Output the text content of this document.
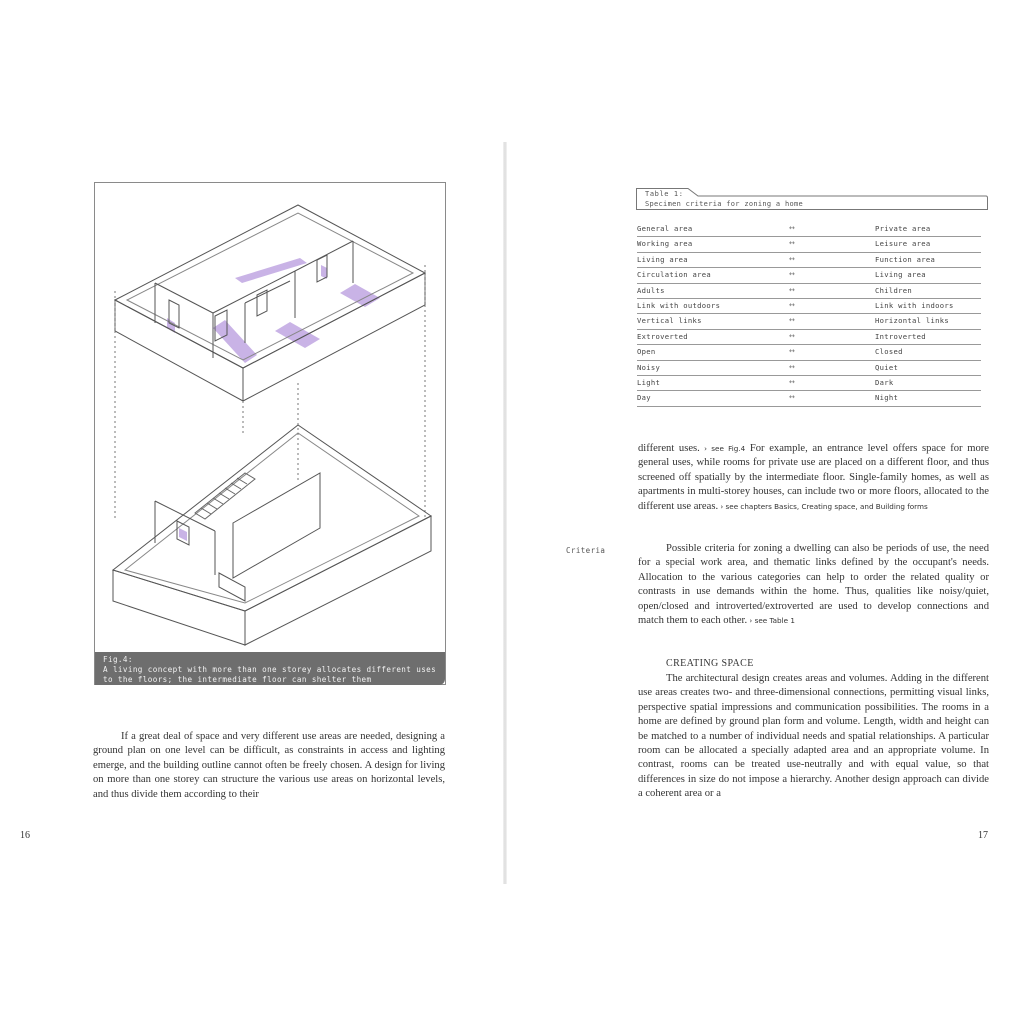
Fig.4:
A living concept with more than one storey allocates different uses
to the floors; the intermediate floor can shelter them

If a great deal of space and very different use areas are needed, designing a ground plan on one level can be difficult, as constraints in access and lighting emerge, and the building outline cannot often be freely chosen. A design for living on more than one storey can structure the various use areas on horizontal levels, and thus divide them according to their

16
Table 1:
Specimen criteria for zoning a home
General area	↔	Private area
Working area	↔	Leisure area
Living area	↔	Function area
Circulation area	↔	Living area
Adults	↔	Children
Link with outdoors	↔	Link with indoors
Vertical links	↔	Horizontal links
Extroverted	↔	Introverted
Open	↔	Closed
Noisy	↔	Quiet
Light	↔	Dark
Day	↔	Night

different uses. › see Fig.4 For example, an entrance level offers space for more general uses, while rooms for private use are placed on a different floor, and thus screened off spatially by the intermediate floor. Single-family homes, as well as apartments in multi-storey houses, can include two or more floors, allocated to the different use areas. › see chapters Basics, Creating space, and Building forms

Criteria	Possible criteria for zoning a dwelling can also be periods of use, the need for a special work area, and thematic links defined by the occupant's needs. Allocation to the various categories can help to order the related quality or contrasts in use demands within the home. Thus, qualities like noisy/quiet, open/closed and introverted/extroverted are used to develop connections and match them to each other. › see Table 1

CREATING SPACE

The architectural design creates areas and volumes. Adding in the different use areas creates two- and three-dimensional connections, permitting visual links, perspective spatial impressions and communication possibilities. The rooms in a home are defined by ground plan form and volume. Length, width and height can be matched to a number of individual needs and spatial relationships. A particular room can be allocated a specially adapted area and an appropriate volume. In contrast, rooms can be treated use-neutrally and with equal value, so that differences in size do not impose a hierarchy. Another design approach can divide a coherent area or a

17
